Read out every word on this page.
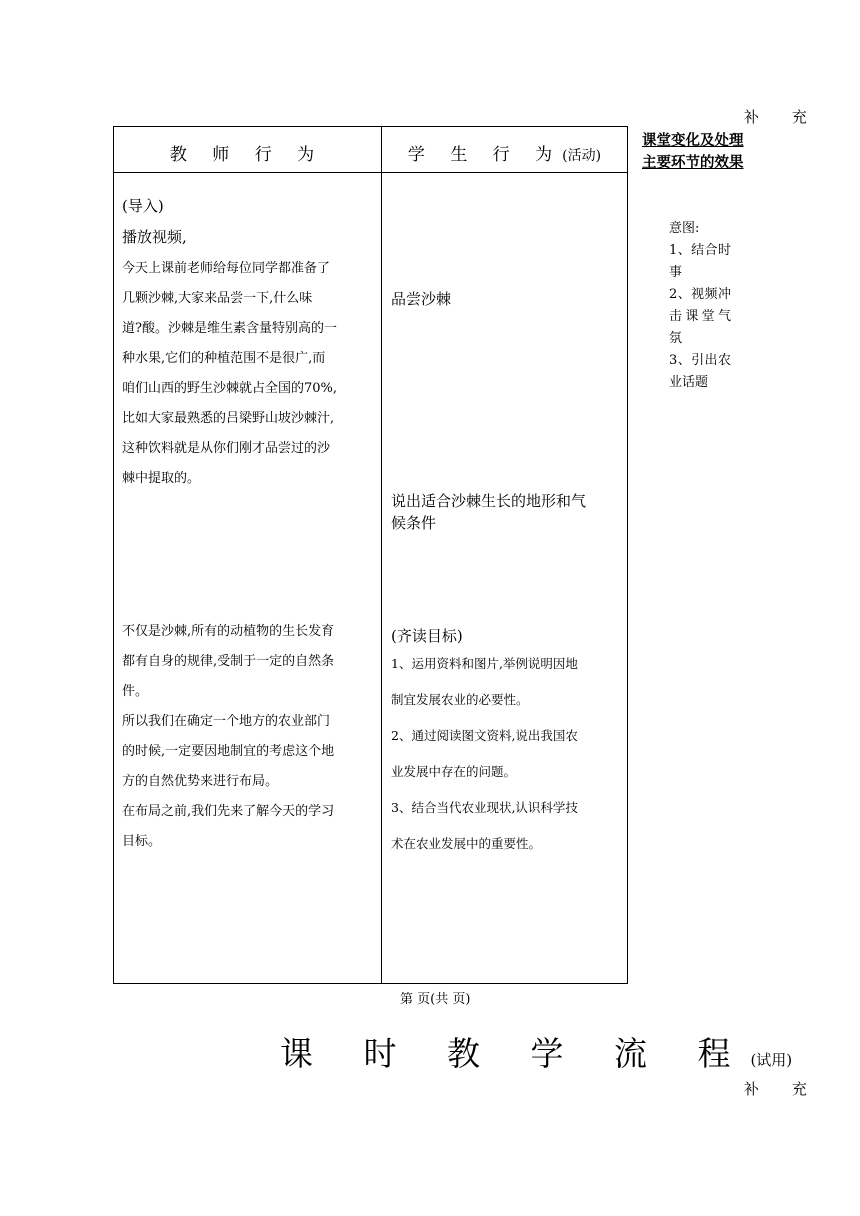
补 充
教 师 行 为	学 生 行 为(活动)
课堂变化及处理
主要环节的效果
意图:
1、结合时事
2、视频冲击课堂气氛
3、引出农业话题
(导入)
播放视频,
今天上课前老师给每位同学都准备了
几颗沙棘,大家来品尝一下,什么味
道?酸。沙棘是维生素含量特别高的一
种水果,它们的种植范围不是很广,而
咱们山西的野生沙棘就占全国的70%,
比如大家最熟悉的吕梁野山坡沙棘汁,
这种饮料就是从你们刚才品尝过的沙
棘中提取的。
不仅是沙棘,所有的动植物的生长发育
都有自身的规律,受制于一定的自然条
件。
所以我们在确定一个地方的农业部门
的时候,一定要因地制宜的考虑这个地
方的自然优势来进行布局。
在布局之前,我们先来了解今天的学习
目标。
品尝沙棘
说出适合沙棘生长的地形和气
候条件
(齐读目标)
1、运用资料和图片,举例说明因地
制宜发展农业的必要性。
2、通过阅读图文资料,说出我国农
业发展中存在的问题。
3、结合当代农业现状,认识科学技
术在农业发展中的重要性。
第 页(共 页)
课 时 教 学 流 程(试用)
补 充
